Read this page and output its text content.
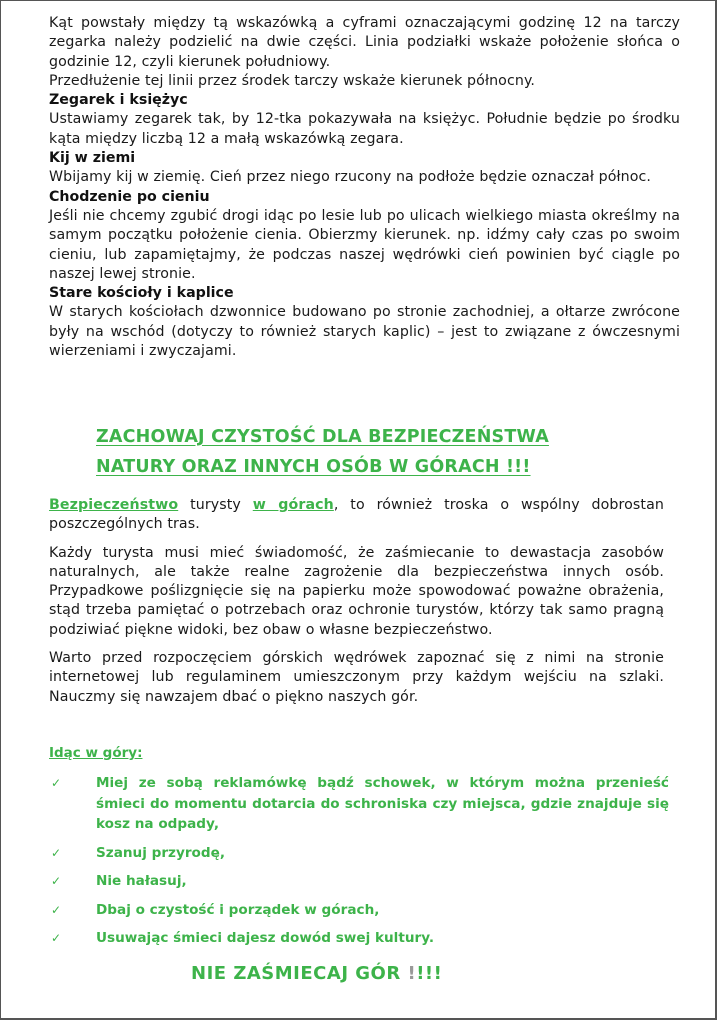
Kąt powstały między tą wskazówką a cyframi oznaczającymi godzinę 12 na tarczy zegarka należy podzielić na dwie części. Linia podziałki wskaże położenie słońca o godzinie 12, czyli kierunek południowy.

Przedłużenie tej linii przez środek tarczy wskaże kierunek północny.

Zegarek i księżyc

Ustawiamy zegarek tak, by 12-tka pokazywała na księżyc. Południe będzie po środku kąta między liczbą 12 a małą wskazówką zegara.

Kij w ziemi

Wbijamy kij w ziemię. Cień przez niego rzucony na podłoże będzie oznaczał północ.

Chodzenie po cieniu

Jeśli nie chcemy zgubić drogi idąc po lesie lub po ulicach wielkiego miasta określmy na samym początku położenie cienia. Obierzmy kierunek. np. idźmy cały czas po swoim cieniu, lub zapamiętajmy, że podczas naszej wędrówki cień powinien być ciągle po naszej lewej stronie.

Stare kościoły i kaplice

W starych kościołach dzwonnice budowano po stronie zachodniej, a ołtarze zwrócone były na wschód (dotyczy to również starych kaplic) – jest to związane z ówczesnymi wierzeniami i zwyczajami.

ZACHOWAJ CZYSTOŚĆ DLA BEZPIECZEŃSTWA
NATURY ORAZ INNYCH OSÓB W GÓRACH !!!

Bezpieczeństwo turysty w górach, to również troska o wspólny dobrostan poszczególnych tras.

Każdy turysta musi mieć świadomość, że zaśmiecanie to dewastacja zasobów naturalnych, ale także realne zagrożenie dla bezpieczeństwa innych osób. Przypadkowe poślizgnięcie się na papierku może spowodować poważne obrażenia, stąd trzeba pamiętać o potrzebach oraz ochronie turystów, którzy tak samo pragną podziwiać piękne widoki, bez obaw o własne bezpieczeństwo.

Warto przed rozpoczęciem górskich wędrówek zapoznać się z nimi na stronie internetowej lub regulaminem umieszczonym przy każdym wejściu na szlaki. Nauczmy się nawzajem dbać o piękno naszych gór.

Idąc w góry:

✓	Miej ze sobą reklamówkę bądź schowek, w którym można przenieść śmieci do momentu dotarcia do schroniska czy miejsca, gdzie znajduje się kosz na odpady,
✓	Szanuj przyrodę,
✓	Nie hałasuj,
✓	Dbaj o czystość i porządek w górach,
✓	Usuwając śmieci dajesz dowód swej kultury.

NIE ZAŚMIECAJ GÓR !!!!
